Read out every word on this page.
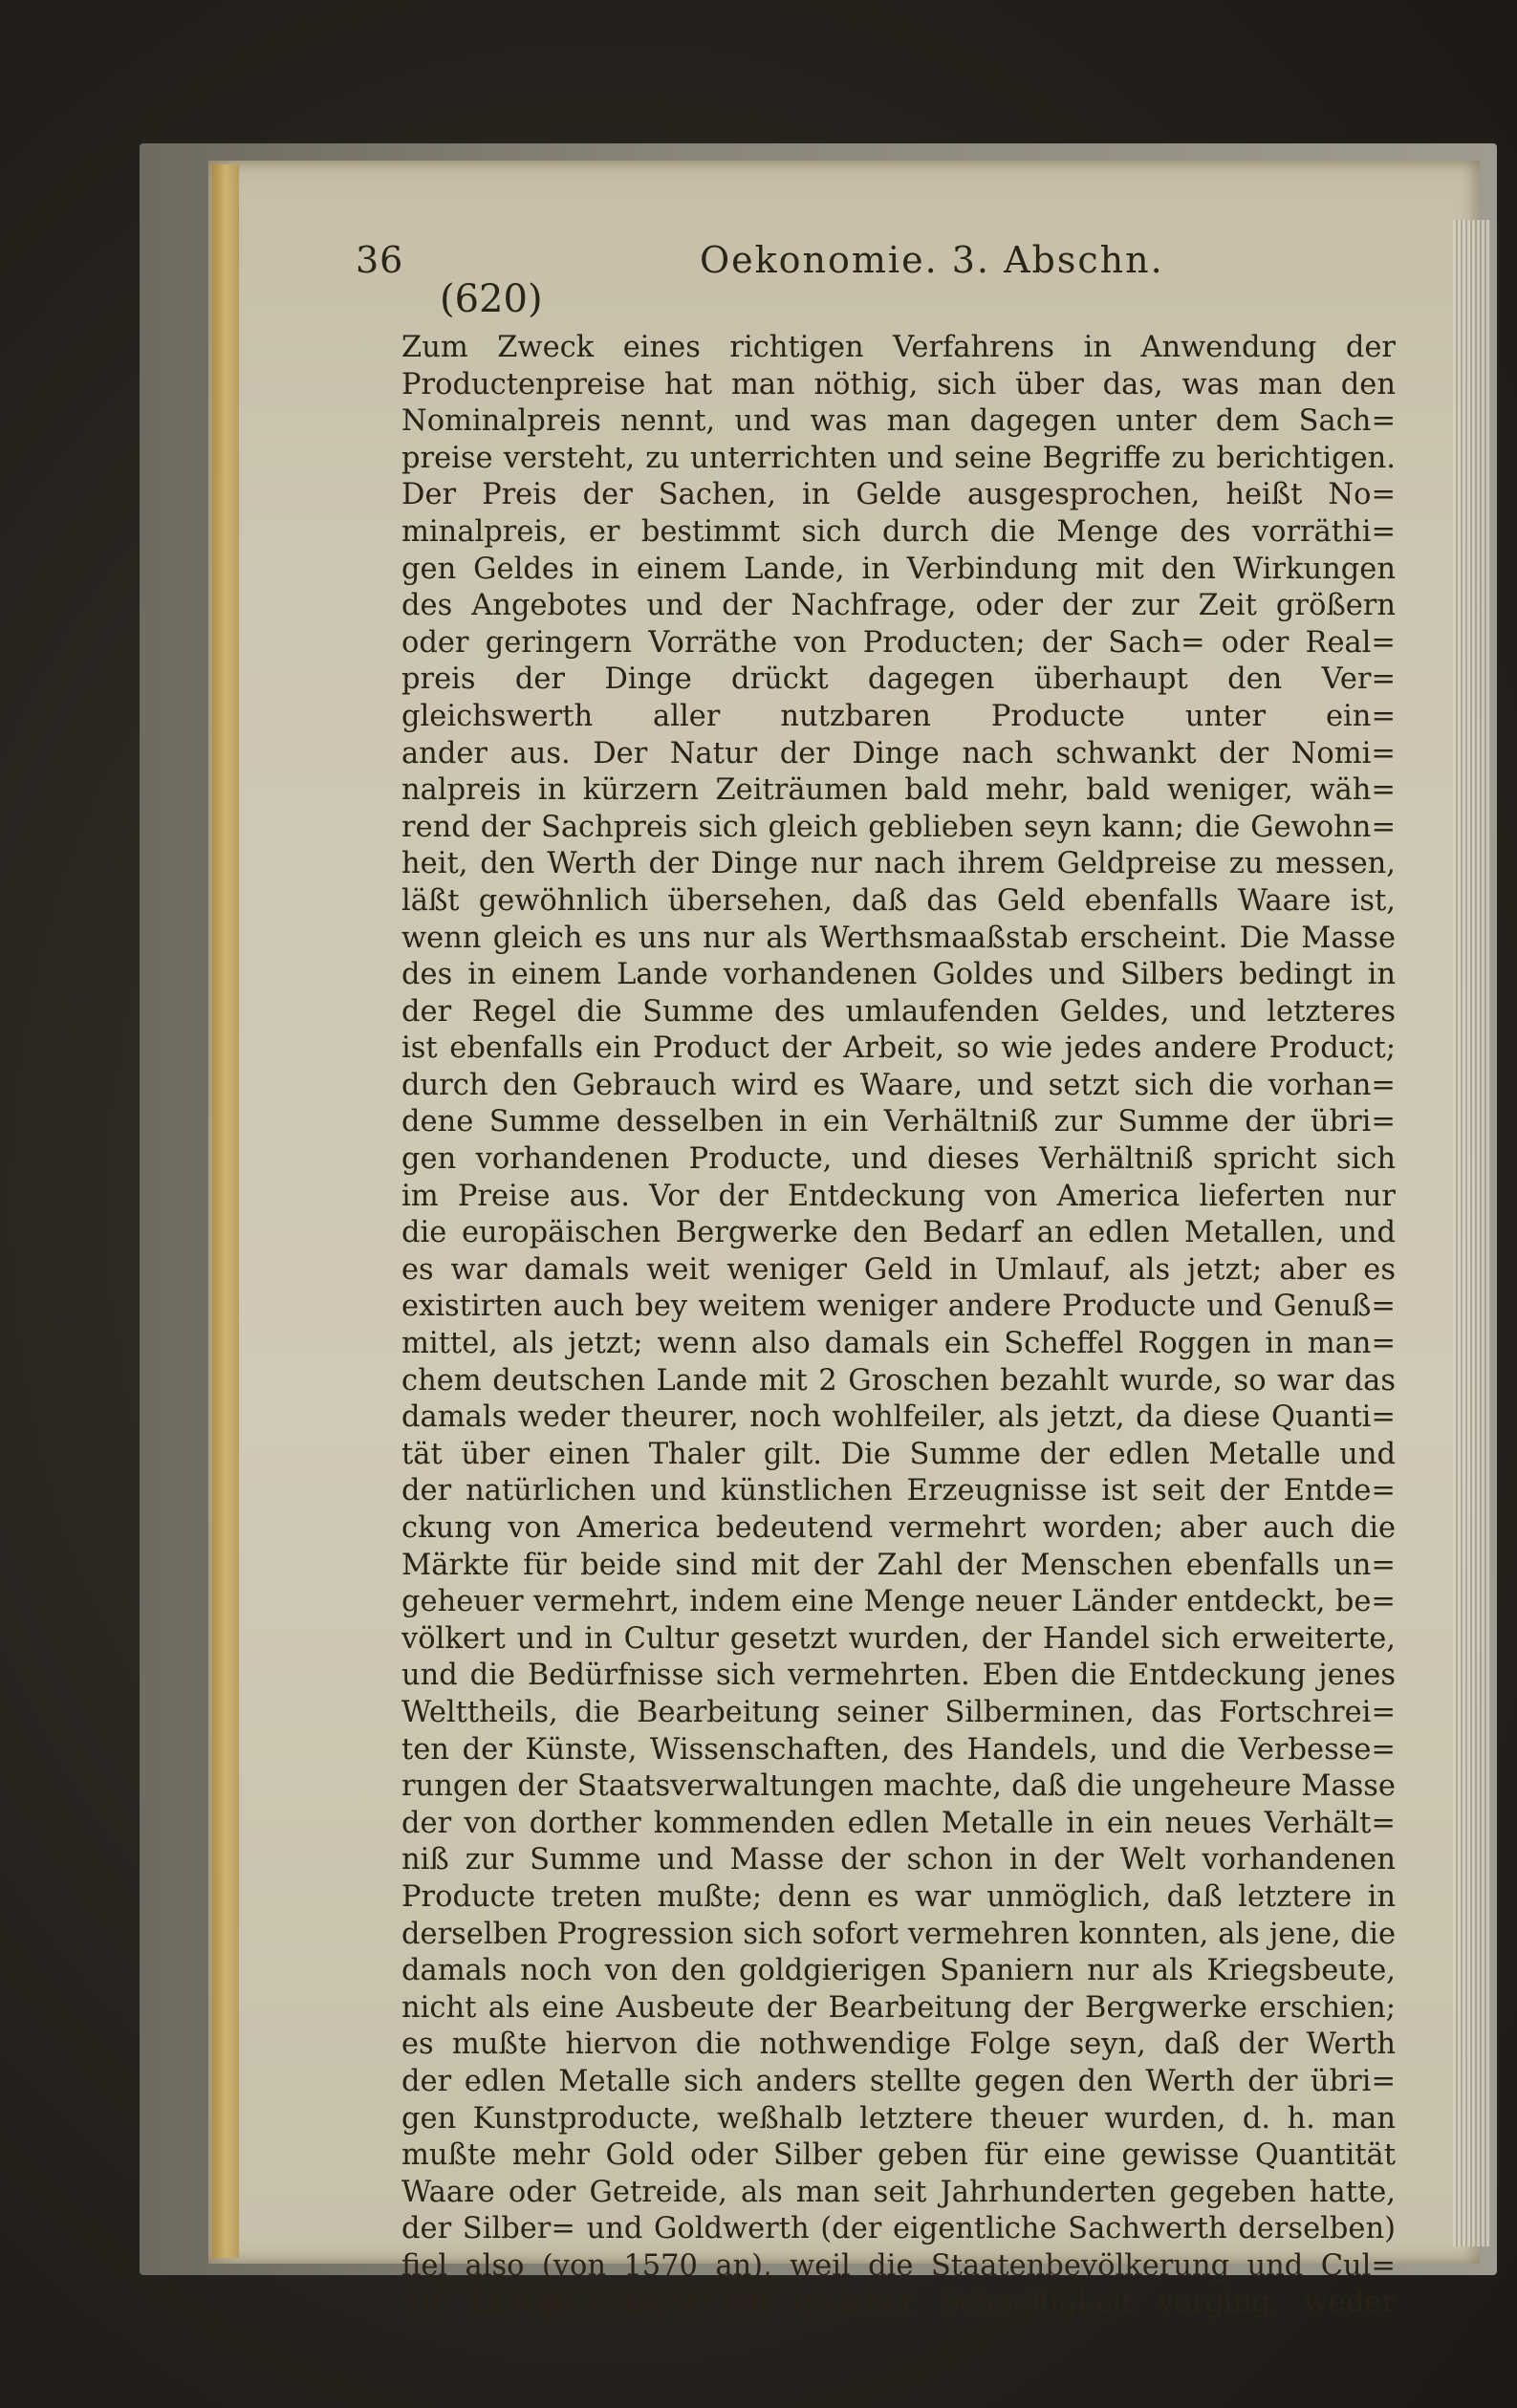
36	Oekonomie. 3. Abschn.
(620)
Zum Zweck eines richtigen Verfahrens in Anwendung der
Productenpreise hat man nöthig, sich über das, was man den
Nominalpreis nennt, und was man dagegen unter dem Sach=
preise versteht, zu unterrichten und seine Begriffe zu berichtigen.
Der Preis der Sachen, in Gelde ausgesprochen, heißt No=
minalpreis, er bestimmt sich durch die Menge des vorräthi=
gen Geldes in einem Lande, in Verbindung mit den Wirkungen
des Angebotes und der Nachfrage, oder der zur Zeit größern
oder geringern Vorräthe von Producten; der Sach= oder Real=
preis der Dinge drückt dagegen überhaupt den Ver=
gleichswerth aller nutzbaren Producte unter ein=
ander aus. Der Natur der Dinge nach schwankt der Nomi=
nalpreis in kürzern Zeiträumen bald mehr, bald weniger, wäh=
rend der Sachpreis sich gleich geblieben seyn kann; die Gewohn=
heit, den Werth der Dinge nur nach ihrem Geldpreise zu messen,
läßt gewöhnlich übersehen, daß das Geld ebenfalls Waare ist,
wenn gleich es uns nur als Werthsmaaßstab erscheint. Die Masse
des in einem Lande vorhandenen Goldes und Silbers bedingt in
der Regel die Summe des umlaufenden Geldes, und letzteres
ist ebenfalls ein Product der Arbeit, so wie jedes andere Product;
durch den Gebrauch wird es Waare, und setzt sich die vorhan=
dene Summe desselben in ein Verhältniß zur Summe der übri=
gen vorhandenen Producte, und dieses Verhältniß spricht sich
im Preise aus. Vor der Entdeckung von America lieferten nur
die europäischen Bergwerke den Bedarf an edlen Metallen, und
es war damals weit weniger Geld in Umlauf, als jetzt; aber es
existirten auch bey weitem weniger andere Producte und Genuß=
mittel, als jetzt; wenn also damals ein Scheffel Roggen in man=
chem deutschen Lande mit 2 Groschen bezahlt wurde, so war das
damals weder theurer, noch wohlfeiler, als jetzt, da diese Quanti=
tät über einen Thaler gilt. Die Summe der edlen Metalle und
der natürlichen und künstlichen Erzeugnisse ist seit der Entde=
ckung von America bedeutend vermehrt worden; aber auch die
Märkte für beide sind mit der Zahl der Menschen ebenfalls un=
geheuer vermehrt, indem eine Menge neuer Länder entdeckt, be=
völkert und in Cultur gesetzt wurden, der Handel sich erweiterte,
und die Bedürfnisse sich vermehrten. Eben die Entdeckung jenes
Welttheils, die Bearbeitung seiner Silberminen, das Fortschrei=
ten der Künste, Wissenschaften, des Handels, und die Verbesse=
rungen der Staatsverwaltungen machte, daß die ungeheure Masse
der von dorther kommenden edlen Metalle in ein neues Verhält=
niß zur Summe und Masse der schon in der Welt vorhandenen
Producte treten mußte; denn es war unmöglich, daß letztere in
derselben Progression sich sofort vermehren konnten, als jene, die
damals noch von den goldgierigen Spaniern nur als Kriegsbeute,
nicht als eine Ausbeute der Bearbeitung der Bergwerke erschien;
es mußte hiervon die nothwendige Folge seyn, daß der Werth
der edlen Metalle sich anders stellte gegen den Werth der übri=
gen Kunstproducte, weßhalb letztere theuer wurden, d. h. man
mußte mehr Gold oder Silber geben für eine gewisse Quantität
Waare oder Getreide, als man seit Jahrhunderten gegeben hatte,
der Silber= und Goldwerth (der eigentliche Sachwerth derselben)
fiel also (von 1570 an), weil die Staatenbevölkerung und Cul=
tur Europa's nicht mit gleicher Schnelligkeit vorging, weder
